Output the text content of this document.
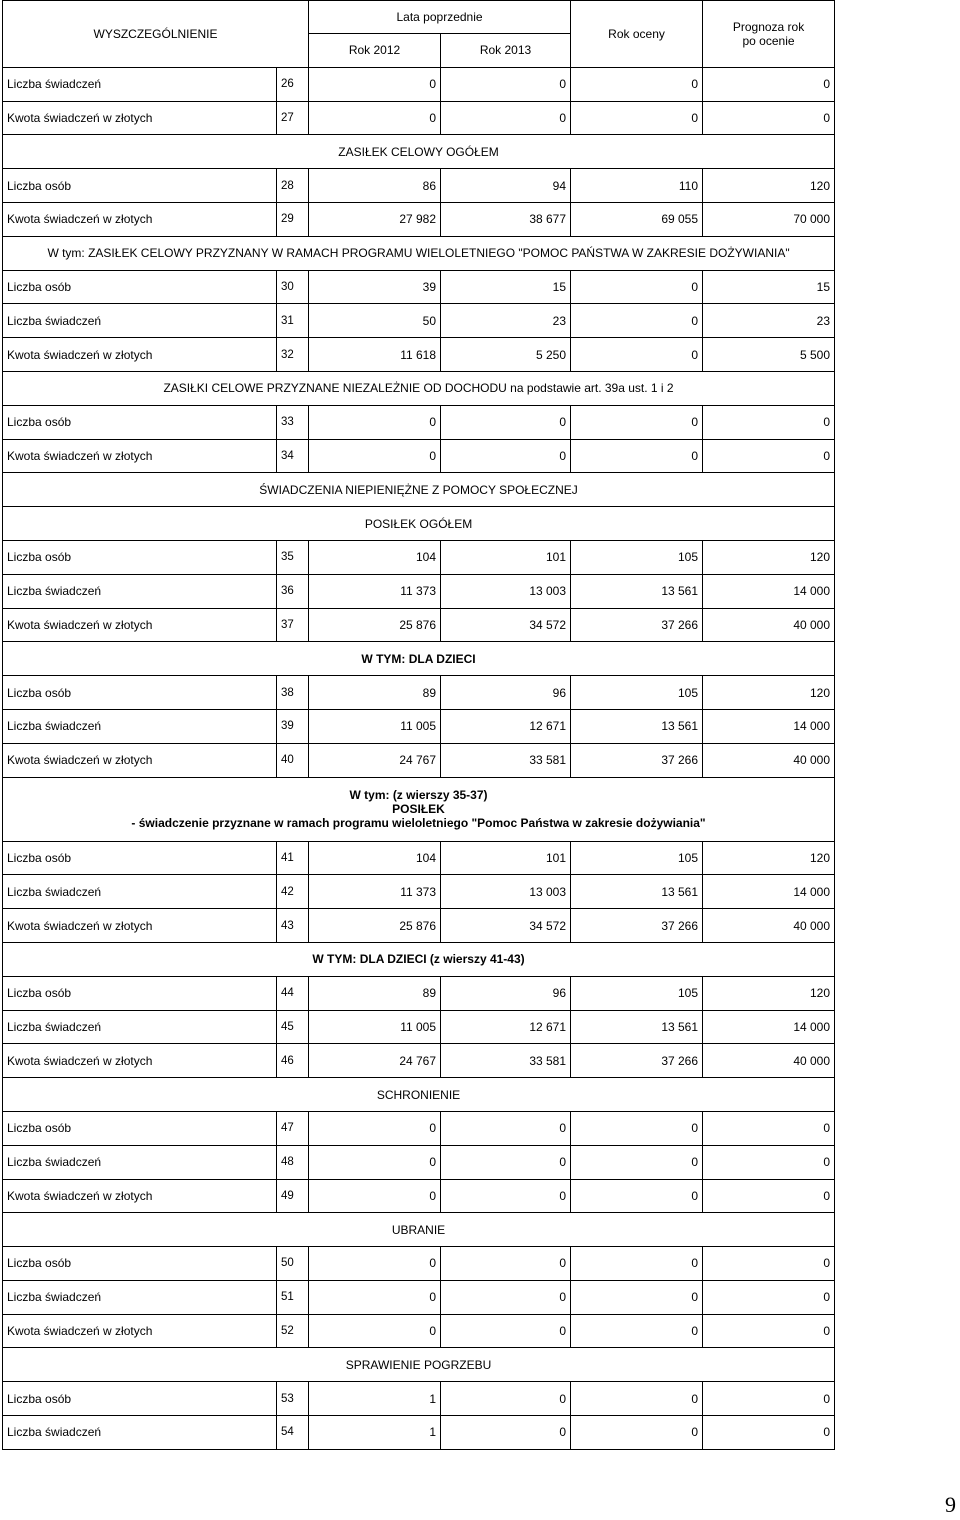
WYSZCZEGÓLNIENIE		Lata poprzednie		Rok oceny	Prognoza rok
po ocenie
		Rok 2012	Rok 2013		
Liczba świadczeń	26	0	0	0	0
Kwota świadczeń w złotych	27	0	0	0	0
ZASIŁEK CELOWY OGÓŁEM					
Liczba osób	28	86	94	110	120
Kwota świadczeń w złotych	29	27 982	38 677	69 055	70 000
W tym: ZASIŁEK CELOWY PRZYZNANY W RAMACH PROGRAMU WIELOLETNIEGO "POMOC PAŃSTWA W ZAKRESIE DOŻYWIANIA"					
Liczba osób	30	39	15	0	15
Liczba świadczeń	31	50	23	0	23
Kwota świadczeń w złotych	32	11 618	5 250	0	5 500
ZASIŁKI CELOWE PRZYZNANE NIEZALEŻNIE OD DOCHODU na podstawie art. 39a ust. 1 i 2					
Liczba osób	33	0	0	0	0
Kwota świadczeń w złotych	34	0	0	0	0
ŚWIADCZENIA NIEPIENIĘŻNE Z POMOCY SPOŁECZNEJ					
POSIŁEK OGÓŁEM					
Liczba osób	35	104	101	105	120
Liczba świadczeń	36	11 373	13 003	13 561	14 000
Kwota świadczeń w złotych	37	25 876	34 572	37 266	40 000
W TYM: DLA DZIECI					
Liczba osób	38	89	96	105	120
Liczba świadczeń	39	11 005	12 671	13 561	14 000
Kwota świadczeń w złotych	40	24 767	33 581	37 266	40 000

W tym: (z wierszy 35-37)
POSIŁEK
- świadczenie przyznane w ramach programu wieloletniego "Pomoc Państwa w zakresie dożywiania"					

Liczba osób	41	104	101	105	120
Liczba świadczeń	42	11 373	13 003	13 561	14 000
Kwota świadczeń w złotych	43	25 876	34 572	37 266	40 000
W TYM: DLA DZIECI (z wierszy 41-43)					
Liczba osób	44	89	96	105	120
Liczba świadczeń	45	11 005	12 671	13 561	14 000
Kwota świadczeń w złotych	46	24 767	33 581	37 266	40 000
SCHRONIENIE					
Liczba osób	47	0	0	0	0
Liczba świadczeń	48	0	0	0	0
Kwota świadczeń w złotych	49	0	0	0	0
UBRANIE					
Liczba osób	50	0	0	0	0
Liczba świadczeń	51	0	0	0	0
Kwota świadczeń w złotych	52	0	0	0	0
SPRAWIENIE POGRZEBU					
Liczba osób	53	1	0	0	0
Liczba świadczeń	54	1	0	0	0
9
